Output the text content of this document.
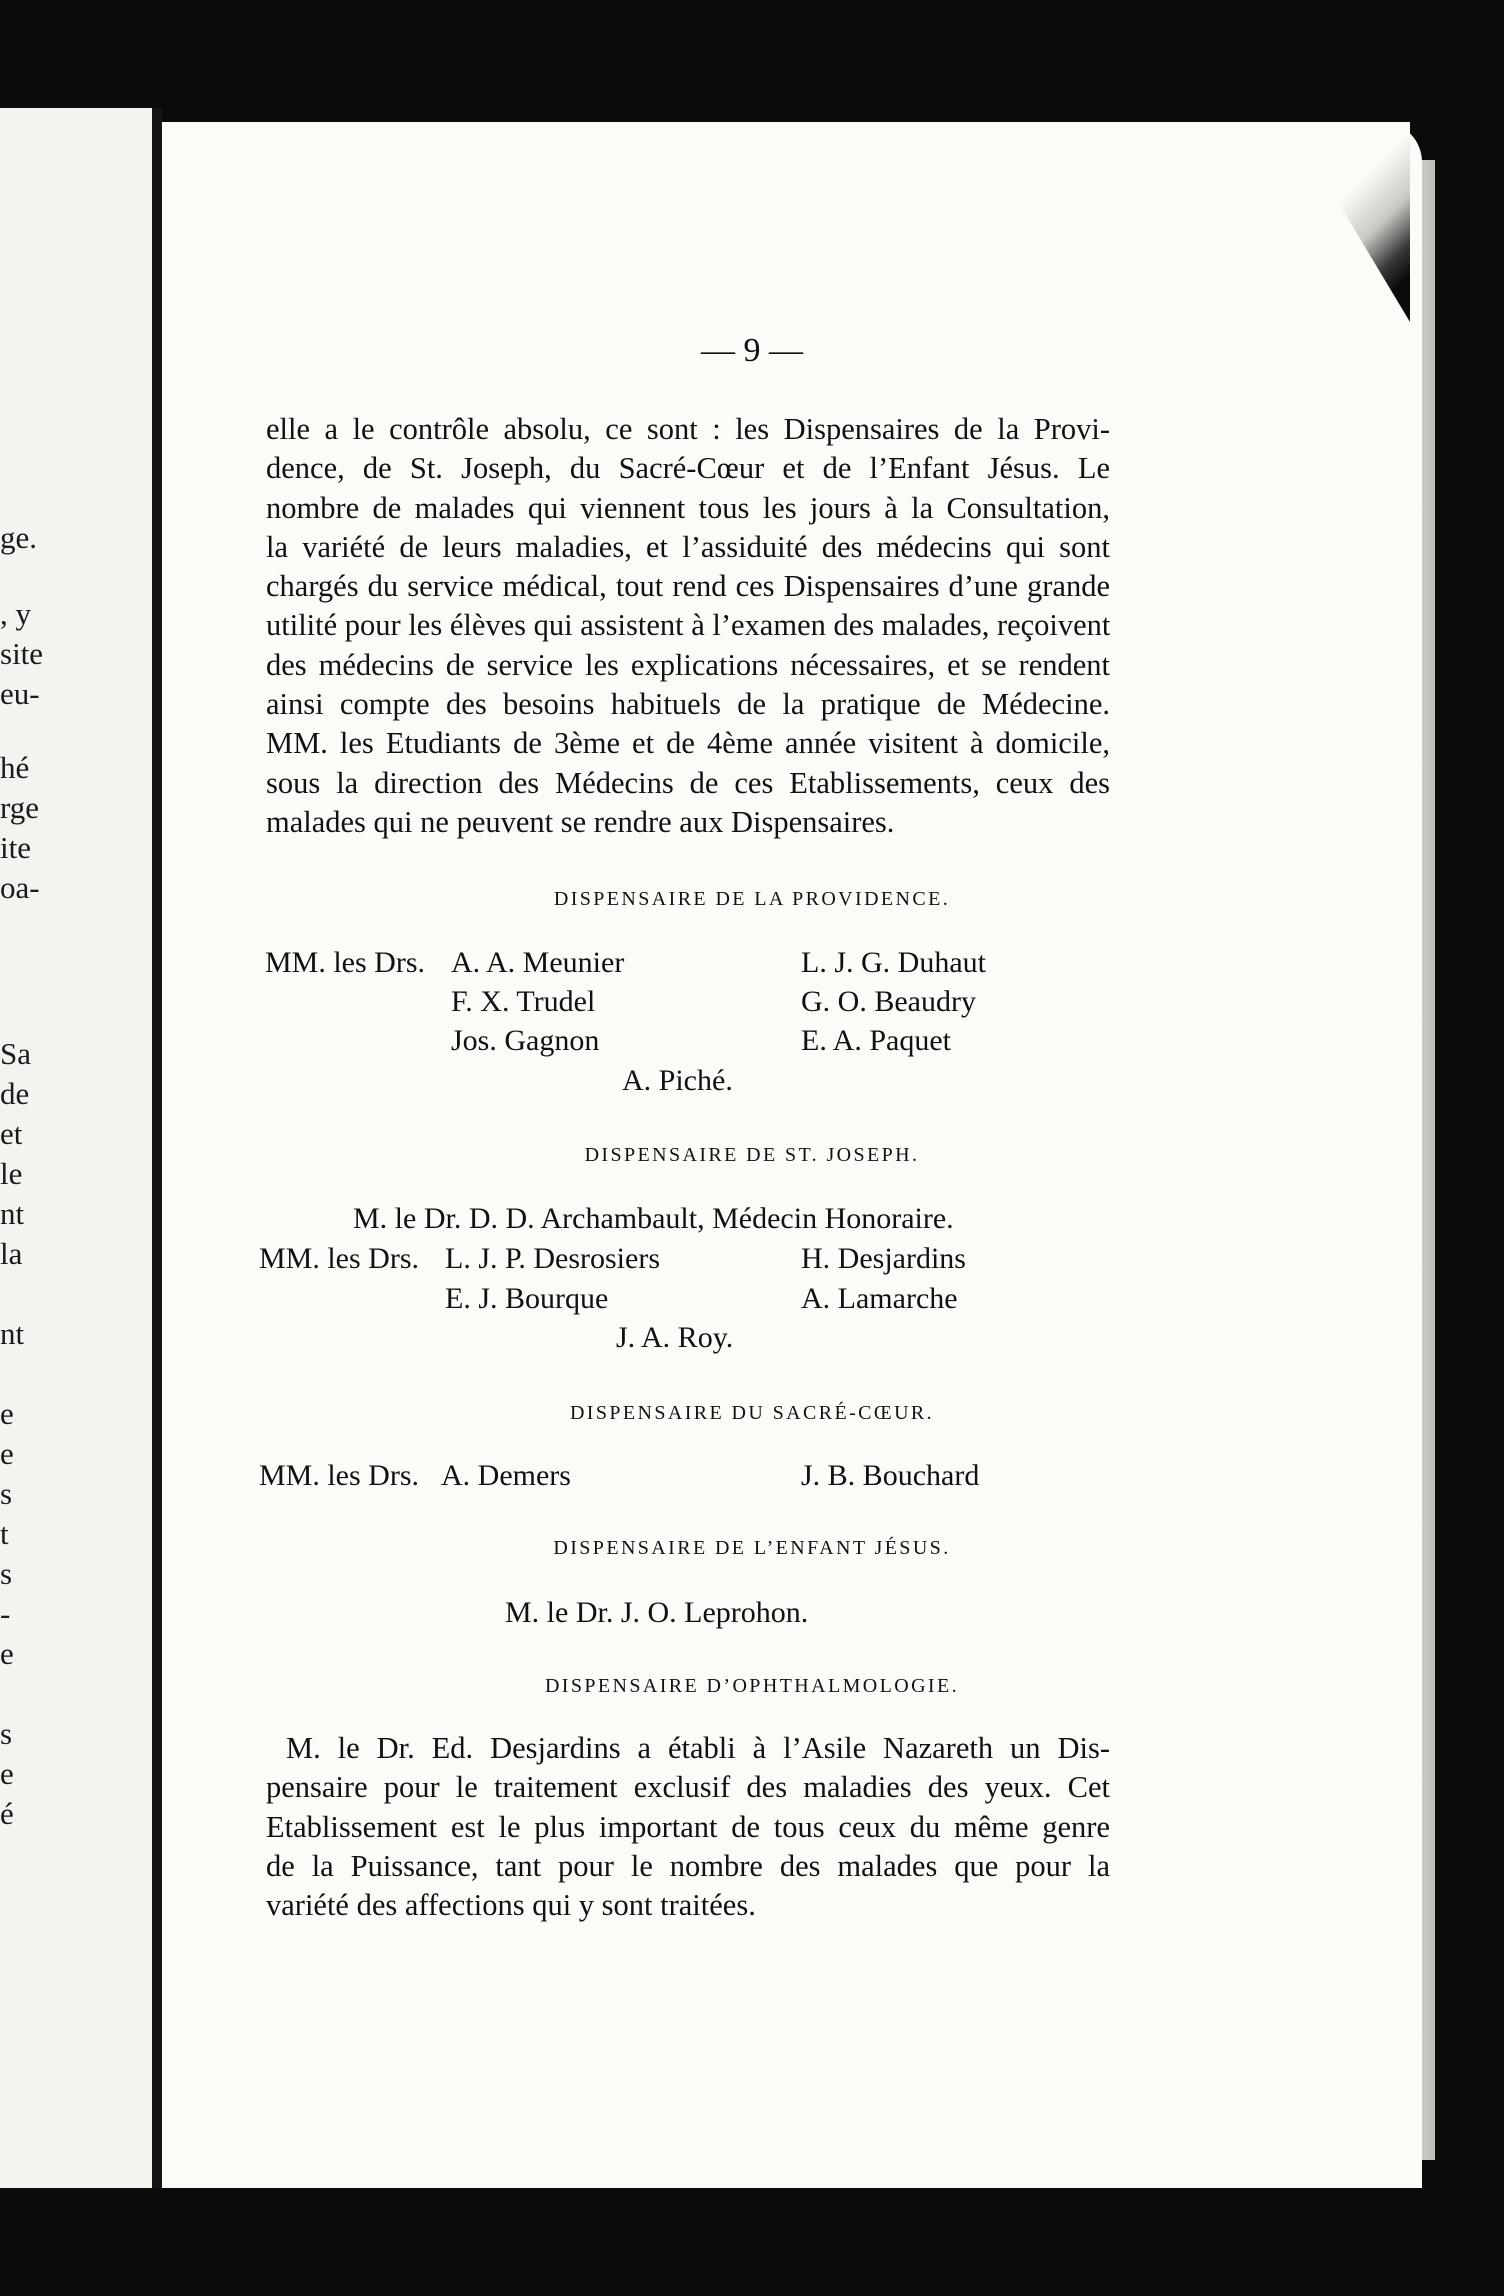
ge.
, y
site
eu-
hé
rge
ite
oa-
Sa
de
et
le
nt
la
nt
e
e
s
t
s
-
e
s
e
é
— 9 —

elle a le contrôle absolu, ce sont : les Dispensaires de la Provi-
dence, de St. Joseph, du Sacré-Cœur et de l’Enfant Jésus. Le
nombre de malades qui viennent tous les jours à la Consultation,
la variété de leurs maladies, et l’assiduité des médecins qui sont
chargés du service médical, tout rend ces Dispensaires d’une grande
utilité pour les élèves qui assistent à l’examen des malades, reçoivent
des médecins de service les explications nécessaires, et se rendent
ainsi compte des besoins habituels de la pratique de Médecine.
MM. les Etudiants de 3ème et de 4ème année visitent à domicile,
sous la direction des Médecins de ces Etablissements, ceux des
malades qui ne peuvent se rendre aux Dispensaires.

DISPENSAIRE DE LA PROVIDENCE.
MM. les Drs. A. A. Meunier
F. X. Trudel
Jos. Gagnon
L. J. G. Duhaut
G. O. Beaudry
E. A. Paquet
A. Piché.
DISPENSAIRE DE ST. JOSEPH.
M. le Dr. D. D. Archambault, Médecin Honoraire.
MM. les Drs. L. J. P. Desrosiers
E. J. Bourque
H. Desjardins
A. Lamarche
J. A. Roy.
DISPENSAIRE DU SACRÉ-CŒUR.
MM. les Drs. A. Demers	J. B. Bouchard
DISPENSAIRE DE L’ENFANT JÉSUS.
M. le Dr. J. O. Leprohon.
DISPENSAIRE D’OPHTHALMOLOGIE.

M. le Dr. Ed. Desjardins a établi à l’Asile Nazareth un Dis-
pensaire pour le traitement exclusif des maladies des yeux. Cet
Etablissement est le plus important de tous ceux du même genre
de la Puissance, tant pour le nombre des malades que pour la
variété des affections qui y sont traitées.
